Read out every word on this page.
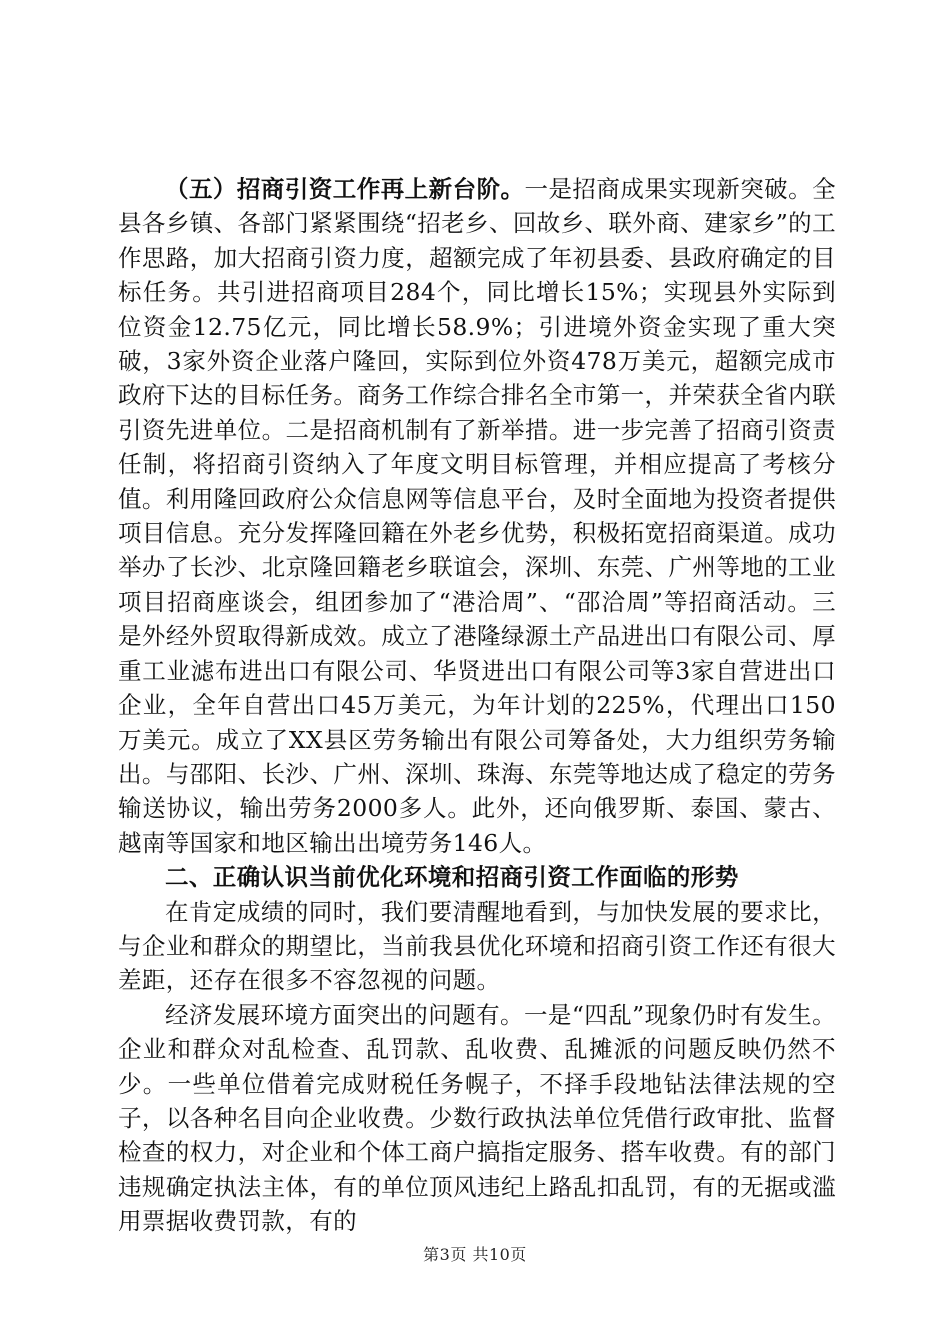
（五）招商引资工作再上新台阶。一是招商成果实现新突破。全县各乡镇、各部门紧紧围绕“招老乡、回故乡、联外商、建家乡”的工作思路，加大招商引资力度，超额完成了年初县委、县政府确定的目标任务。共引进招商项目284个，同比增长15%；实现县外实际到位资金12.75亿元，同比增长58.9%；引进境外资金实现了重大突破，3家外资企业落户隆回，实际到位外资478万美元，超额完成市政府下达的目标任务。商务工作综合排名全市第一，并荣获全省内联引资先进单位。二是招商机制有了新举措。进一步完善了招商引资责任制，将招商引资纳入了年度文明目标管理，并相应提高了考核分值。利用隆回政府公众信息网等信息平台，及时全面地为投资者提供项目信息。充分发挥隆回籍在外老乡优势，积极拓宽招商渠道。成功举办了长沙、北京隆回籍老乡联谊会，深圳、东莞、广州等地的工业项目招商座谈会，组团参加了“港洽周”、“邵洽周”等招商活动。三是外经外贸取得新成效。成立了港隆绿源土产品进出口有限公司、厚重工业滤布进出口有限公司、华贤进出口有限公司等3家自营进出口企业，全年自营出口45万美元，为年计划的225%，代理出口150万美元。成立了XX县区劳务输出有限公司筹备处，大力组织劳务输出。与邵阳、长沙、广州、深圳、珠海、东莞等地达成了稳定的劳务输送协议，输出劳务2000多人。此外，还向俄罗斯、泰国、蒙古、越南等国家和地区输出出境劳务146人。

二、正确认识当前优化环境和招商引资工作面临的形势

在肯定成绩的同时，我们要清醒地看到，与加快发展的要求比，与企业和群众的期望比，当前我县优化环境和招商引资工作还有很大差距，还存在很多不容忽视的问题。

经济发展环境方面突出的问题有。一是“四乱”现象仍时有发生。企业和群众对乱检查、乱罚款、乱收费、乱摊派的问题反映仍然不少。一些单位借着完成财税任务幌子，不择手段地钻法律法规的空子，以各种名目向企业收费。少数行政执法单位凭借行政审批、监督检查的权力，对企业和个体工商户搞指定服务、搭车收费。有的部门违规确定执法主体，有的单位顶风违纪上路乱扣乱罚，有的无据或滥用票据收费罚款，有的

第3页 共10页
